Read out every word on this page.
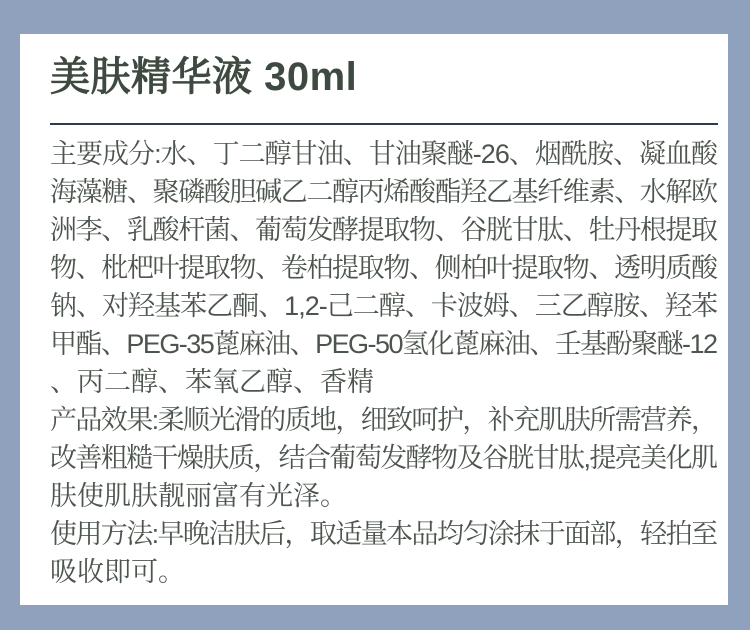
美肤精华液 30ml
主要成分:水、丁二醇甘油、甘油聚醚-26、烟酰胺、凝血酸
海藻糖、聚磷酸胆碱乙二醇丙烯酸酯羟乙基纤维素、水解欧
洲李、乳酸杆菌、葡萄发酵提取物、谷胱甘肽、牡丹根提取
物、枇杷叶提取物、卷柏提取物、侧柏叶提取物、透明质酸
钠、对羟基苯乙酮、1,2-己二醇、卡波姆、三乙醇胺、羟苯
甲酯、PEG-35蓖麻油、PEG-50氢化蓖麻油、壬基酚聚醚-12
、丙二醇、苯氧乙醇、香精
产品效果:柔顺光滑的质地，细致呵护，补充肌肤所需营养，
改善粗糙干燥肤质，结合葡萄发酵物及谷胱甘肽,提亮美化肌
肤使肌肤靓丽富有光泽。
使用方法:早晚洁肤后，取适量本品均匀涂抹于面部，轻拍至
吸收即可。
